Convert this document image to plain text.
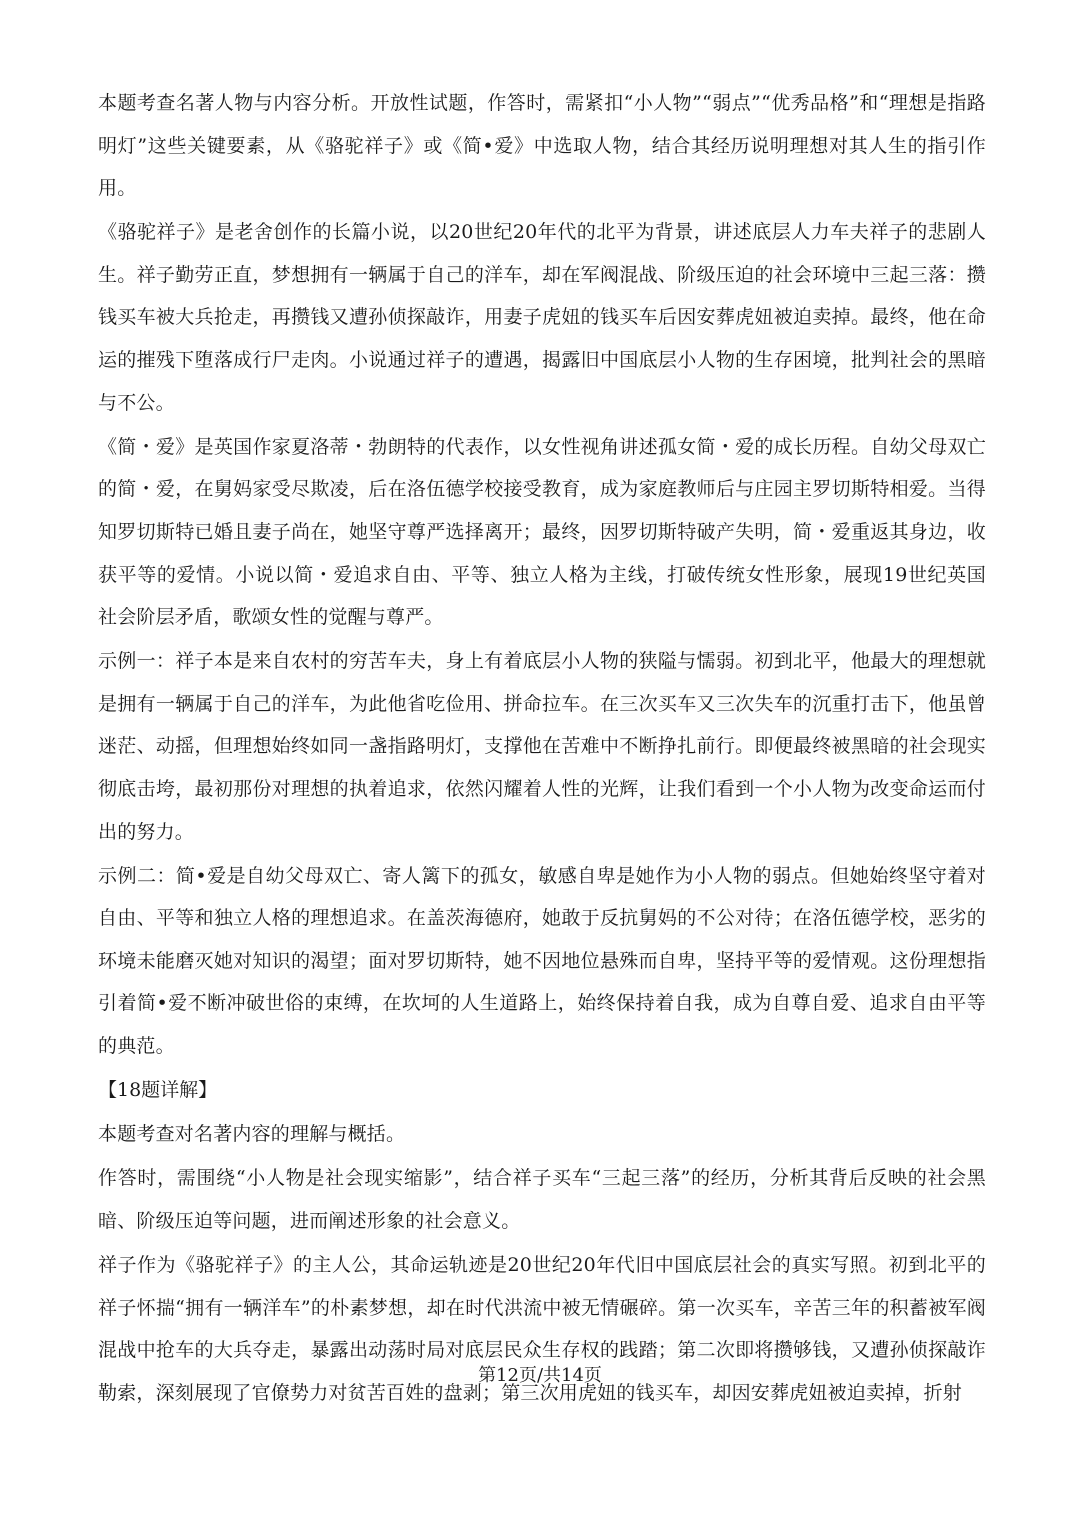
本题考查名著人物与内容分析。开放性试题，作答时，需紧扣“小人物”“弱点”“优秀品格”和“理想是指路明灯”这些关键要素，从《骆驼祥子》或《简•爱》中选取人物，结合其经历说明理想对其人生的指引作用。

《骆驼祥子》是老舍创作的长篇小说，以20世纪20年代的北平为背景，讲述底层人力车夫祥子的悲剧人生。祥子勤劳正直，梦想拥有一辆属于自己的洋车，却在军阀混战、阶级压迫的社会环境中三起三落：攒钱买车被大兵抢走，再攒钱又遭孙侦探敲诈，用妻子虎妞的钱买车后因安葬虎妞被迫卖掉。最终，他在命运的摧残下堕落成行尸走肉。小说通过祥子的遭遇，揭露旧中国底层小人物的生存困境，批判社会的黑暗与不公。

《简・爱》是英国作家夏洛蒂・勃朗特的代表作，以女性视角讲述孤女简・爱的成长历程。自幼父母双亡的简・爱，在舅妈家受尽欺凌，后在洛伍德学校接受教育，成为家庭教师后与庄园主罗切斯特相爱。当得知罗切斯特已婚且妻子尚在，她坚守尊严选择离开；最终，因罗切斯特破产失明，简・爱重返其身边，收获平等的爱情。小说以简・爱追求自由、平等、独立人格为主线，打破传统女性形象，展现19世纪英国社会阶层矛盾，歌颂女性的觉醒与尊严。

示例一：祥子本是来自农村的穷苦车夫，身上有着底层小人物的狭隘与懦弱。初到北平，他最大的理想就是拥有一辆属于自己的洋车，为此他省吃俭用、拼命拉车。在三次买车又三次失车的沉重打击下，他虽曾迷茫、动摇，但理想始终如同一盏指路明灯，支撑他在苦难中不断挣扎前行。即便最终被黑暗的社会现实彻底击垮，最初那份对理想的执着追求，依然闪耀着人性的光辉，让我们看到一个小人物为改变命运而付出的努力。

示例二：简•爱是自幼父母双亡、寄人篱下的孤女，敏感自卑是她作为小人物的弱点。但她始终坚守着对自由、平等和独立人格的理想追求。在盖茨海德府，她敢于反抗舅妈的不公对待；在洛伍德学校，恶劣的环境未能磨灭她对知识的渴望；面对罗切斯特，她不因地位悬殊而自卑，坚持平等的爱情观。这份理想指引着简•爱不断冲破世俗的束缚，在坎坷的人生道路上，始终保持着自我，成为自尊自爱、追求自由平等的典范。

【18题详解】

本题考查对名著内容的理解与概括。

作答时，需围绕“小人物是社会现实缩影”，结合祥子买车“三起三落”的经历，分析其背后反映的社会黑暗、阶级压迫等问题，进而阐述形象的社会意义。

祥子作为《骆驼祥子》的主人公，其命运轨迹是20世纪20年代旧中国底层社会的真实写照。初到北平的祥子怀揣“拥有一辆洋车”的朴素梦想，却在时代洪流中被无情碾碎。第一次买车，辛苦三年的积蓄被军阀混战中抢车的大兵夺走，暴露出动荡时局对底层民众生存权的践踏；第二次即将攒够钱，又遭孙侦探敲诈勒索，深刻展现了官僚势力对贫苦百姓的盘剥；第三次用虎妞的钱买车，却因安葬虎妞被迫卖掉，折射

第12页/共14页
